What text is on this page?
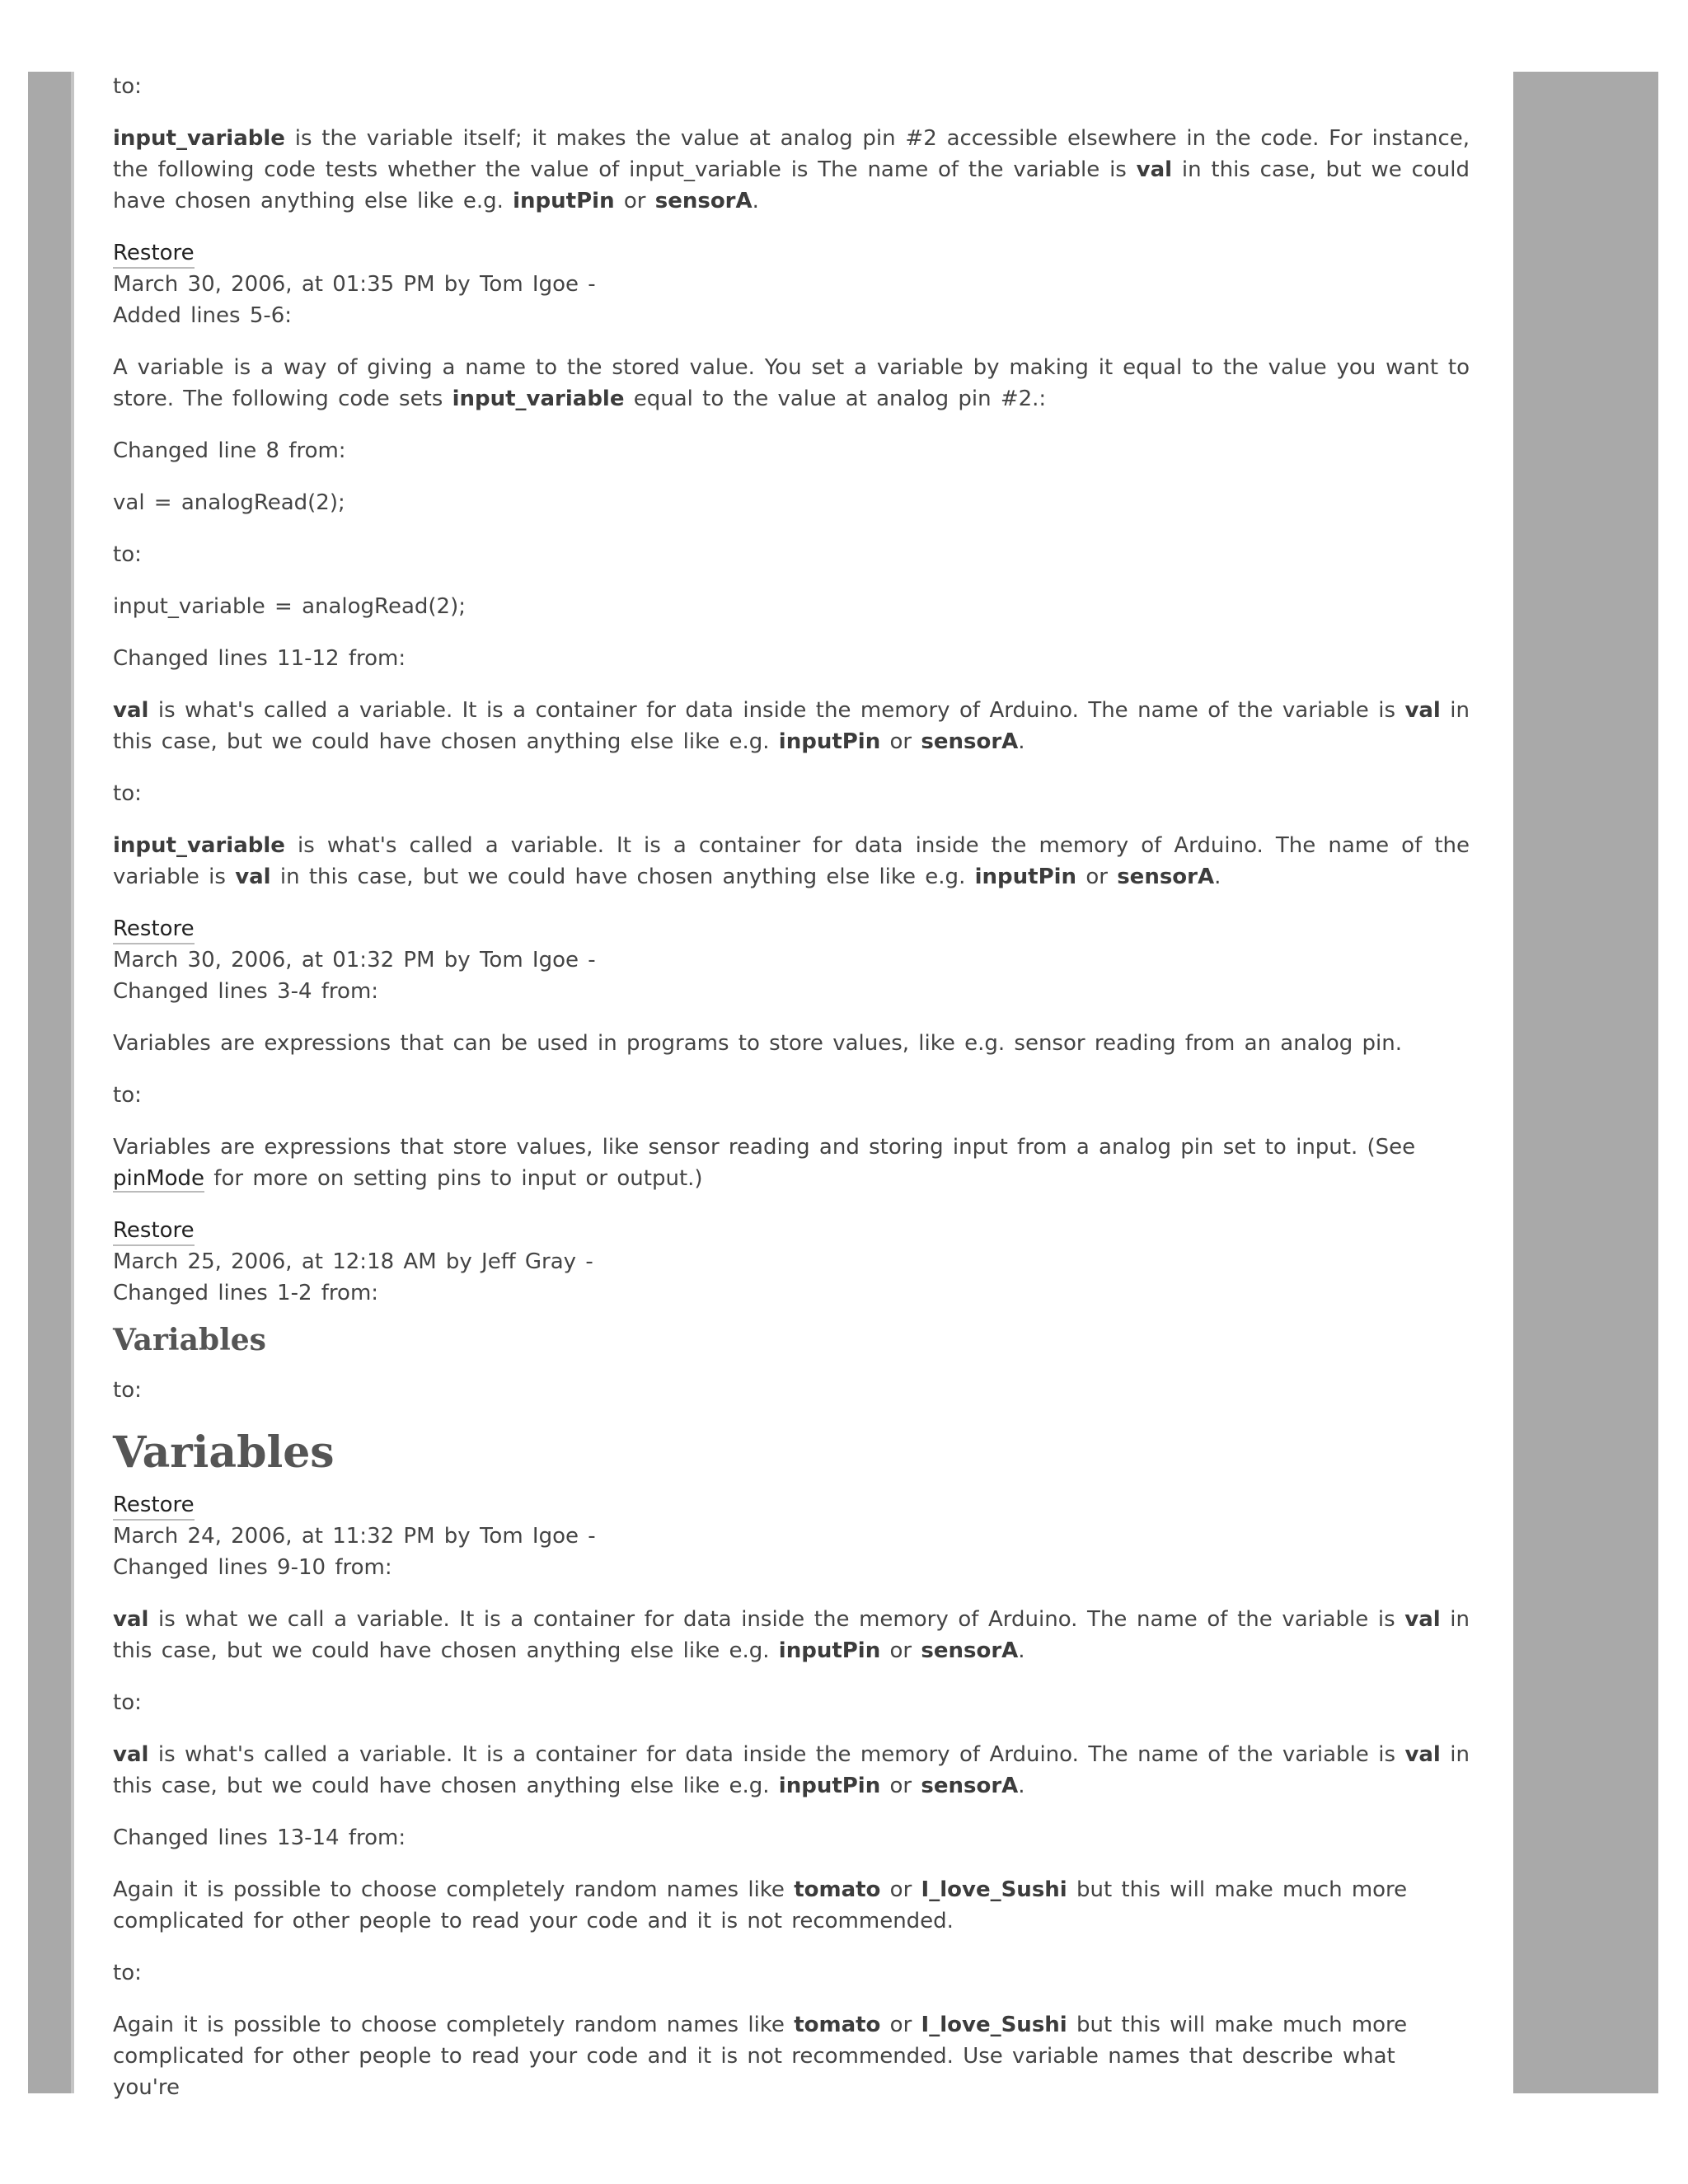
to:

input_variable is the variable itself; it makes the value at analog pin #2 accessible elsewhere in the code. For instance, the following code tests whether the value of input_variable is The name of the variable is val in this case, but we could have chosen anything else like e.g. inputPin or sensorA.

Restore
March 30, 2006, at 01:35 PM by Tom Igoe -
Added lines 5-6:

A variable is a way of giving a name to the stored value. You set a variable by making it equal to the value you want to store. The following code sets input_variable equal to the value at analog pin #2.:

Changed line 8 from:

val = analogRead(2);

to:

input_variable = analogRead(2);

Changed lines 11-12 from:

val is what's called a variable. It is a container for data inside the memory of Arduino. The name of the variable is val in this case, but we could have chosen anything else like e.g. inputPin or sensorA.

to:

input_variable is what's called a variable. It is a container for data inside the memory of Arduino. The name of the variable is val in this case, but we could have chosen anything else like e.g. inputPin or sensorA.

Restore
March 30, 2006, at 01:32 PM by Tom Igoe -
Changed lines 3-4 from:

Variables are expressions that can be used in programs to store values, like e.g. sensor reading from an analog pin.

to:

Variables are expressions that store values, like sensor reading and storing input from a analog pin set to input. (See pinMode for more on setting pins to input or output.)

Restore
March 25, 2006, at 12:18 AM by Jeff Gray -
Changed lines 1-2 from:

Variables

to:

Variables

Restore
March 24, 2006, at 11:32 PM by Tom Igoe -
Changed lines 9-10 from:

val is what we call a variable. It is a container for data inside the memory of Arduino. The name of the variable is val in this case, but we could have chosen anything else like e.g. inputPin or sensorA.

to:

val is what's called a variable. It is a container for data inside the memory of Arduino. The name of the variable is val in this case, but we could have chosen anything else like e.g. inputPin or sensorA.

Changed lines 13-14 from:

Again it is possible to choose completely random names like tomato or I_love_Sushi but this will make much more complicated for other people to read your code and it is not recommended.

to:

Again it is possible to choose completely random names like tomato or I_love_Sushi but this will make much more complicated for other people to read your code and it is not recommended. Use variable names that describe what you're
